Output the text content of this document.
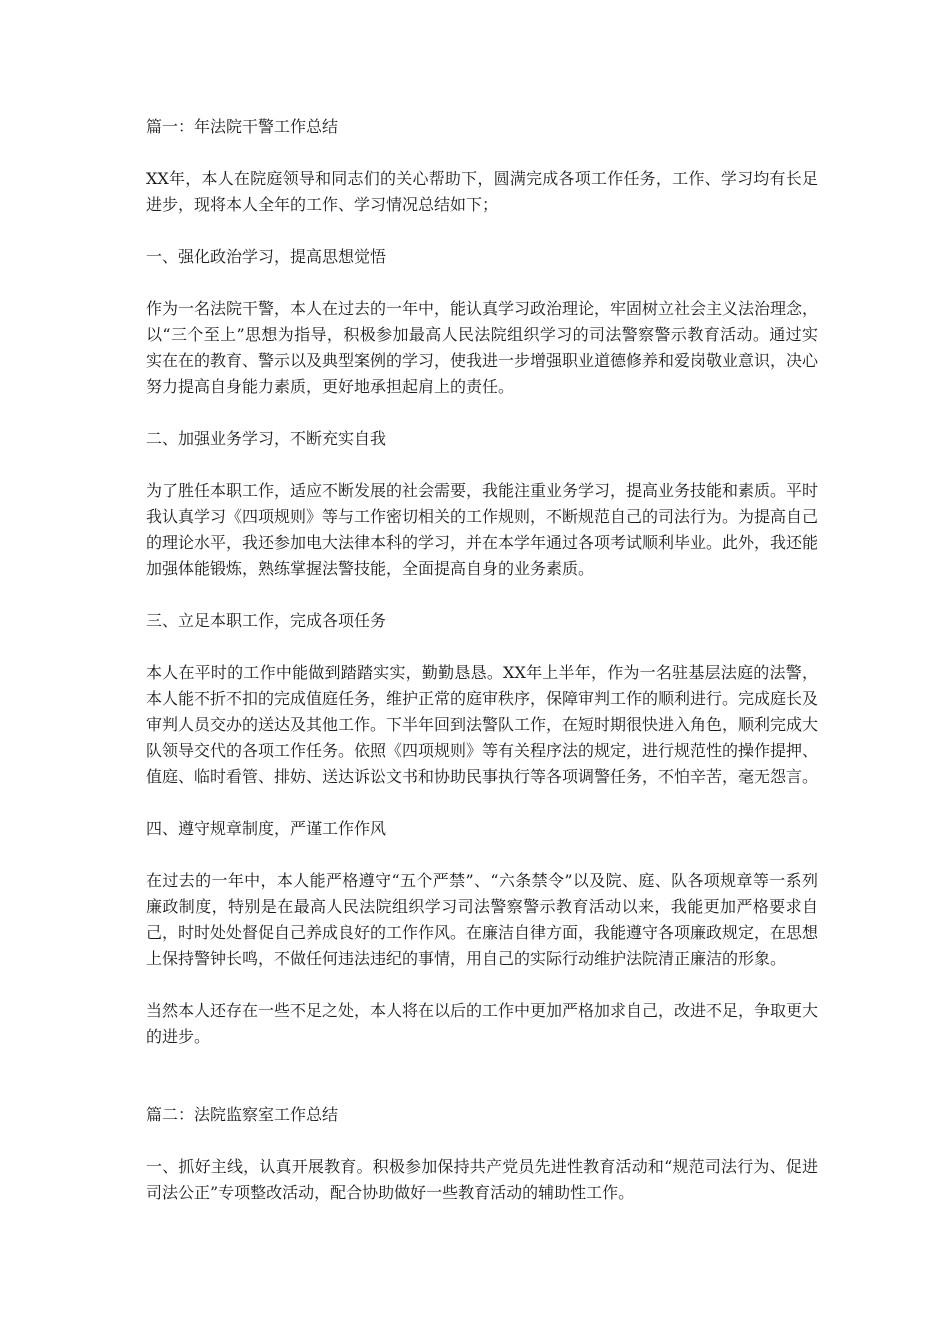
篇一：年法院干警工作总结

XX年，本人在院庭领导和同志们的关心帮助下，圆满完成各项工作任务，工作、学习均有长足进步，现将本人全年的工作、学习情况总结如下；

一、强化政治学习，提高思想觉悟

作为一名法院干警，本人在过去的一年中，能认真学习政治理论，牢固树立社会主义法治理念，以“三个至上”思想为指导，积极参加最高人民法院组织学习的司法警察警示教育活动。通过实实在在的教育、警示以及典型案例的学习，使我进一步增强职业道德修养和爱岗敬业意识，决心努力提高自身能力素质，更好地承担起肩上的责任。

二、加强业务学习，不断充实自我

为了胜任本职工作，适应不断发展的社会需要，我能注重业务学习，提高业务技能和素质。平时我认真学习《四项规则》等与工作密切相关的工作规则，不断规范自己的司法行为。为提高自己的理论水平，我还参加电大法律本科的学习，并在本学年通过各项考试顺利毕业。此外，我还能加强体能锻炼，熟练掌握法警技能，全面提高自身的业务素质。

三、立足本职工作，完成各项任务

本人在平时的工作中能做到踏踏实实，勤勤恳恳。XX年上半年，作为一名驻基层法庭的法警，本人能不折不扣的完成值庭任务，维护正常的庭审秩序，保障审判工作的顺利进行。完成庭长及审判人员交办的送达及其他工作。下半年回到法警队工作，在短时期很快进入角色，顺利完成大队领导交代的各项工作任务。依照《四项规则》等有关程序法的规定，进行规范性的操作提押、值庭、临时看管、排妨、送达诉讼文书和协助民事执行等各项调警任务，不怕辛苦，毫无怨言。

四、遵守规章制度，严谨工作作风

在过去的一年中，本人能严格遵守“五个严禁”、“六条禁令”以及院、庭、队各项规章等一系列廉政制度，特别是在最高人民法院组织学习司法警察警示教育活动以来，我能更加严格要求自己，时时处处督促自己养成良好的工作作风。在廉洁自律方面，我能遵守各项廉政规定，在思想上保持警钟长鸣，不做任何违法违纪的事情，用自己的实际行动维护法院清正廉洁的形象。

当然本人还存在一些不足之处，本人将在以后的工作中更加严格加求自己，改进不足，争取更大的进步。

篇二：法院监察室工作总结

一、抓好主线，认真开展教育。积极参加保持共产党员先进性教育活动和“规范司法行为、促进司法公正”专项整改活动，配合协助做好一些教育活动的辅助性工作。
